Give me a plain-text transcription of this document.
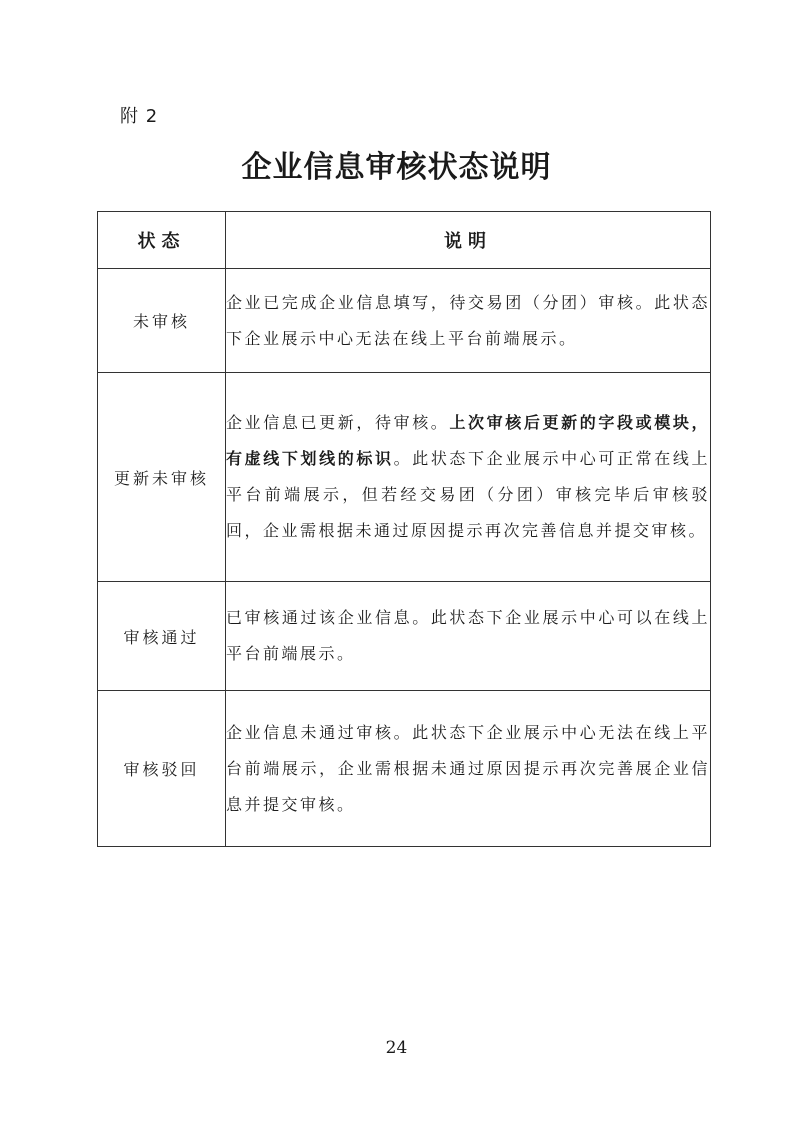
附 2
企业信息审核状态说明
状态	说明
未审核	企业已完成企业信息填写，待交易团（分团）审核。此状态下企业展示中心无法在线上平台前端展示。
更新未审核	企业信息已更新，待审核。上次审核后更新的字段或模块，有虚线下划线的标识。此状态下企业展示中心可正常在线上平台前端展示，但若经交易团（分团）审核完毕后审核驳回，企业需根据未通过原因提示再次完善信息并提交审核。
审核通过	已审核通过该企业信息。此状态下企业展示中心可以在线上平台前端展示。
审核驳回	企业信息未通过审核。此状态下企业展示中心无法在线上平台前端展示，企业需根据未通过原因提示再次完善展企业信息并提交审核。
24
